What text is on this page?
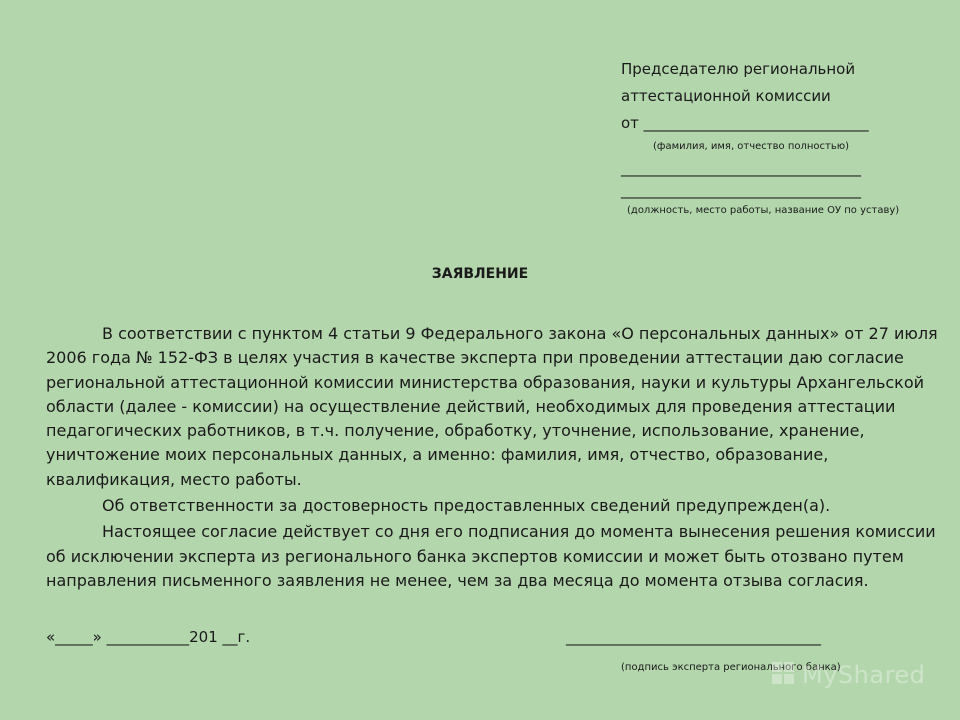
Председателю региональной
аттестационной комиссии
от ______________________________
(фамилия, имя, отчество полностью)
________________________________
________________________________
(должность, место работы, название ОУ по уставу)
ЗАЯВЛЕНИЕ

В соответствии с пунктом 4 статьи 9 Федерального закона «О персональных данных» от 27 июля
2006 года № 152-ФЗ в целях участия в качестве эксперта при проведении аттестации даю согласие
региональной аттестационной комиссии министерства образования, науки и культуры Архангельской
области (далее - комиссии) на осуществление действий, необходимых для проведения аттестации
педагогических работников, в т.ч. получение, обработку, уточнение, использование, хранение,
уничтожение моих персональных данных, а именно: фамилия, имя, отчество, образование,
квалификация, место работы.

Об ответственности за достоверность предоставленных сведений предупрежден(а).

Настоящее согласие действует со дня его подписания до момента вынесения решения комиссии
об исключении эксперта из регионального банка экспертов комиссии и может быть отозвано путем
направления письменного заявления не менее, чем за два месяца до момента отзыва согласия.

«_____» ___________201 __г.	__________________________________
(подпись эксперта регионального банка)
MyShared
